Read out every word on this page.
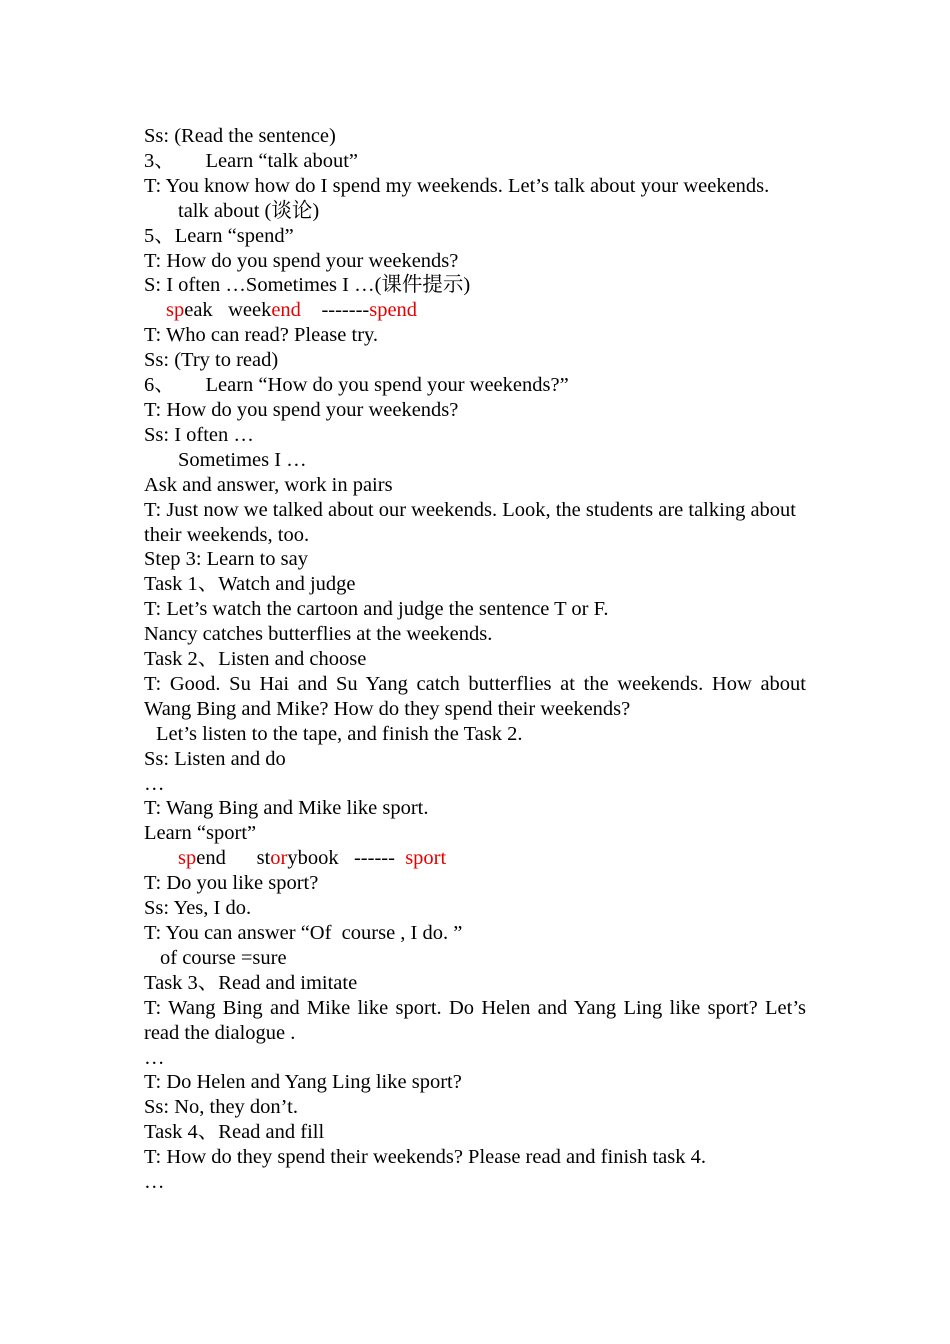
Ss: (Read the sentence)

3、　　Learn “talk about”

T: You know how do I spend my weekends. Let’s talk about your weekends.

talk about (谈论)

5、Learn “spend”

T: How do you spend your weekends?

S: I often …Sometimes I …(课件提示)

speak weekend -------spend

T: Who can read? Please try.

Ss: (Try to read)

6、　　Learn “How do you spend your weekends?”

T: How do you spend your weekends?

Ss: I often …

Sometimes I …

Ask and answer, work in pairs

T: Just now we talked about our weekends. Look, the students are talking about their weekends, too.

Step 3: Learn to say

Task 1、Watch and judge

T: Let’s watch the cartoon and judge the sentence T or F.

Nancy catches butterflies at the weekends.

Task 2、Listen and choose

T: Good. Su Hai and Su Yang catch butterflies at the weekends. How about Wang Bing and Mike? How do they spend their weekends?

Let’s listen to the tape, and finish the Task 2.

Ss: Listen and do

…

T: Wang Bing and Mike like sport.

Learn “sport”

spend storybook ------ sport

T: Do you like sport?

Ss: Yes, I do.

T: You can answer “Of  course , I do. ”

of course =sure

Task 3、Read and imitate

T: Wang Bing and Mike like sport. Do Helen and Yang Ling like sport? Let’s read the dialogue .

…

T: Do Helen and Yang Ling like sport?

Ss: No, they don’t.

Task 4、Read and fill

T: How do they spend their weekends? Please read and finish task 4.

…
